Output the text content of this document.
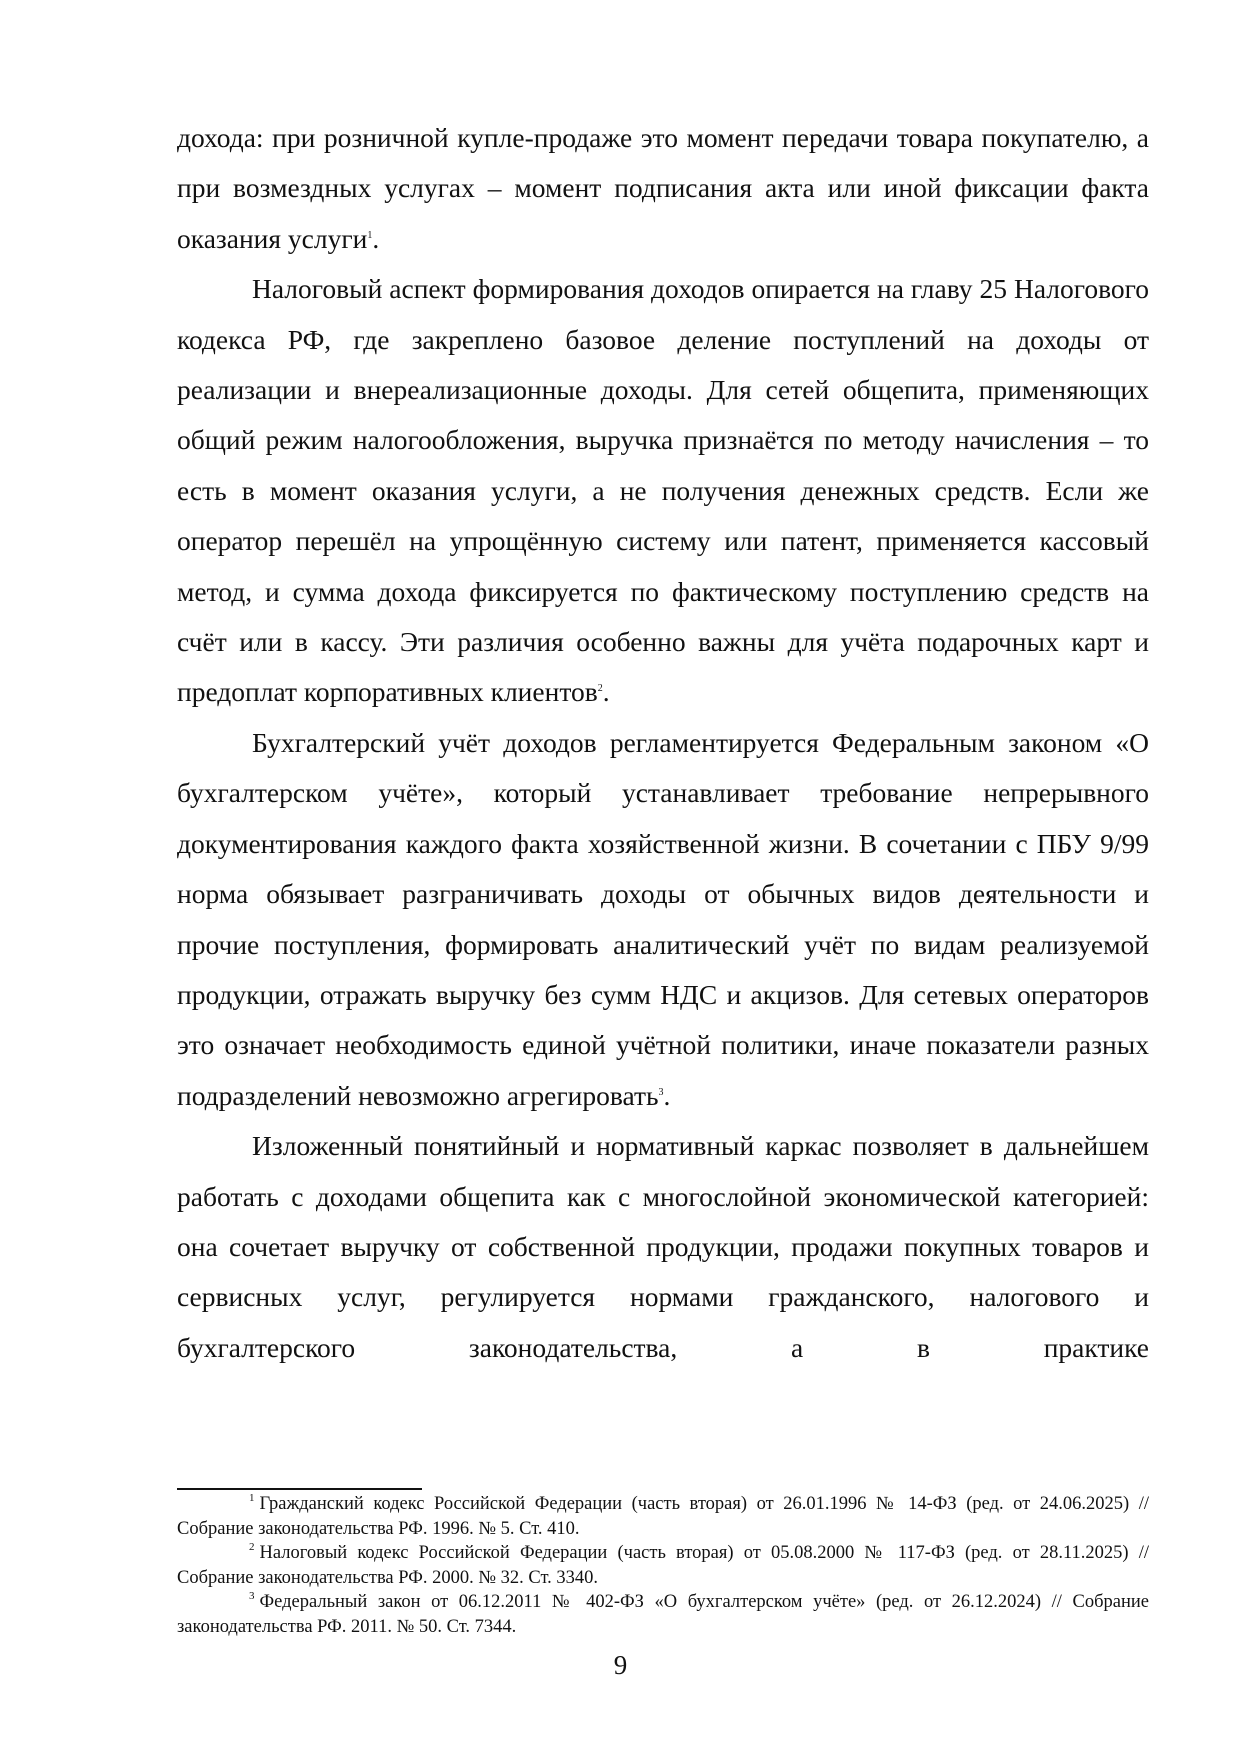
дохода: при розничной купле-продаже это момент передачи товара покупателю, а при возмездных услугах – момент подписания акта или иной фиксации факта оказания услуги$^1$.

Налоговый аспект формирования доходов опирается на главу 25 Налогового кодекса РФ, где закреплено базовое деление поступлений на доходы от реализации и внереализационные доходы. Для сетей общепита, применяющих общий режим налогообложения, выручка признаётся по методу начисления – то есть в момент оказания услуги, а не получения денежных средств. Если же оператор перешёл на упрощённую систему или патент, применяется кассовый метод, и сумма дохода фиксируется по фактическому поступлению средств на счёт или в кассу. Эти различия особенно важны для учёта подарочных карт и предоплат корпоративных клиентов$^2$.

Бухгалтерский учёт доходов регламентируется Федеральным законом «О бухгалтерском учёте», который устанавливает требование непрерывного документирования каждого факта хозяйственной жизни. В сочетании с ПБУ 9/99 норма обязывает разграничивать доходы от обычных видов деятельности и прочие поступления, формировать аналитический учёт по видам реализуемой продукции, отражать выручку без сумм НДС и акцизов. Для сетевых операторов это означает необходимость единой учётной политики, иначе показатели разных подразделений невозможно агрегировать$^3$.

Изложенный понятийный и нормативный каркас позволяет в дальнейшем работать с доходами общепита как с многослойной экономической категорией: она сочетает выручку от собственной продукции, продажи покупных товаров и сервисных услуг, регулируется нормами гражданского, налогового и бухгалтерского законодательства, а в практике

$^1$ Гражданский кодекс Российской Федерации (часть вторая) от 26.01.1996 № 14-ФЗ (ред. от 24.06.2025) // Собрание законодательства РФ. 1996. № 5. Ст. 410.

$^2$ Налоговый кодекс Российской Федерации (часть вторая) от 05.08.2000 № 117-ФЗ (ред. от 28.11.2025) // Собрание законодательства РФ. 2000. № 32. Ст. 3340.

$^3$ Федеральный закон от 06.12.2011 № 402-ФЗ «О бухгалтерском учёте» (ред. от 26.12.2024) // Собрание законодательства РФ. 2011. № 50. Ст. 7344.

9
